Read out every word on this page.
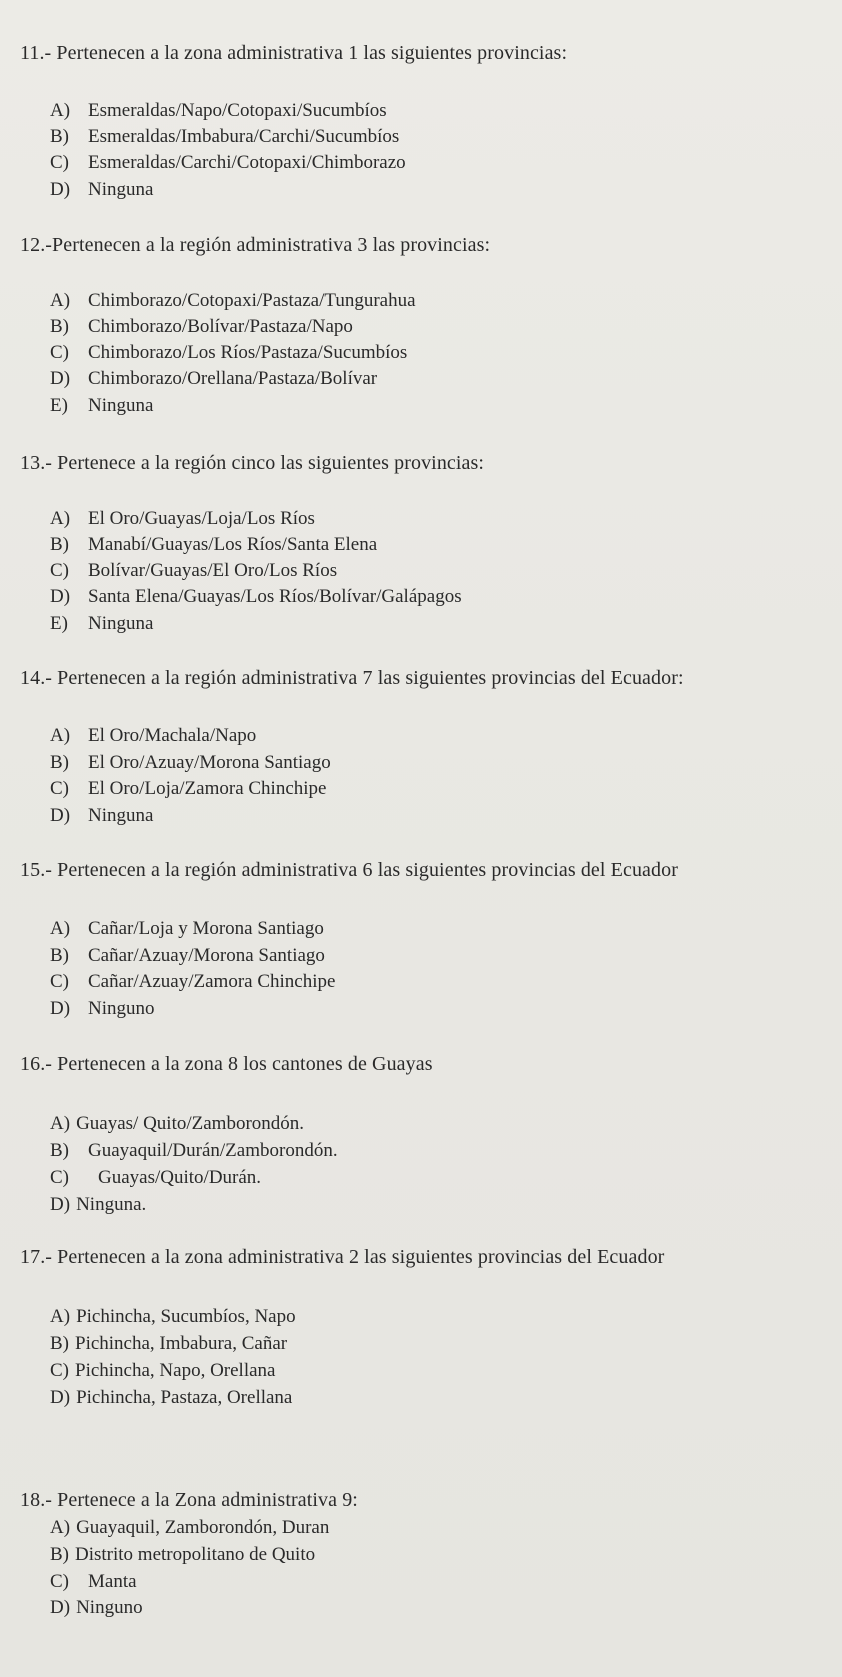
11.- Pertenecen a la zona administrativa 1 las siguientes provincias:
A) Esmeraldas/Napo/Cotopaxi/Sucumbíos
B) Esmeraldas/Imbabura/Carchi/Sucumbíos
C) Esmeraldas/Carchi/Cotopaxi/Chimborazo
D) Ninguna
12.-Pertenecen a la región administrativa 3 las provincias:
A) Chimborazo/Cotopaxi/Pastaza/Tungurahua
B) Chimborazo/Bolívar/Pastaza/Napo
C) Chimborazo/Los Ríos/Pastaza/Sucumbíos
D) Chimborazo/Orellana/Pastaza/Bolívar
E) Ninguna
13.- Pertenece a la región cinco las siguientes provincias:
A) El Oro/Guayas/Loja/Los Ríos
B) Manabí/Guayas/Los Ríos/Santa Elena
C) Bolívar/Guayas/El Oro/Los Ríos
D) Santa Elena/Guayas/Los Ríos/Bolívar/Galápagos
E) Ninguna
14.- Pertenecen a la región administrativa 7 las siguientes provincias del Ecuador:
A) El Oro/Machala/Napo
B) El Oro/Azuay/Morona Santiago
C) El Oro/Loja/Zamora Chinchipe
D) Ninguna
15.- Pertenecen a la región administrativa 6 las siguientes provincias del Ecuador
A) Cañar/Loja y Morona Santiago
B) Cañar/Azuay/Morona Santiago
C) Cañar/Azuay/Zamora Chinchipe
D) Ninguno
16.- Pertenecen a la zona 8 los cantones de Guayas
A) Guayas/ Quito/Zamborondón.
B) Guayaquil/Durán/Zamborondón.
C) Guayas/Quito/Durán.
D) Ninguna.
17.- Pertenecen a la zona administrativa 2 las siguientes provincias del Ecuador
A) Pichincha, Sucumbíos, Napo
B) Pichincha, Imbabura, Cañar
C) Pichincha, Napo, Orellana
D) Pichincha, Pastaza, Orellana
18.- Pertenece a la Zona administrativa 9:
A) Guayaquil, Zamborondón, Duran
B) Distrito metropolitano de Quito
C) Manta
D) Ninguno
